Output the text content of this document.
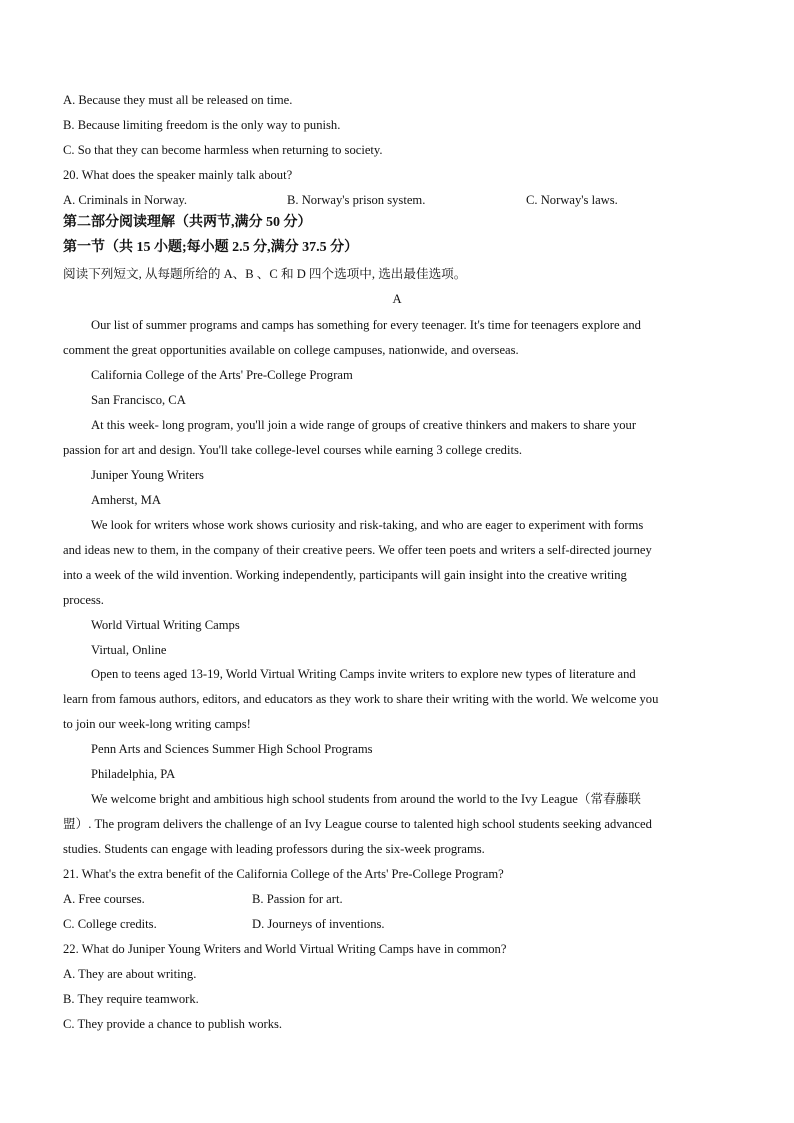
A. Because they must all be released on time.
B. Because limiting freedom is the only way to punish.
C. So that they can become harmless when returning to society.
20. What does the speaker mainly talk about?
A. Criminals in Norway.	B. Norway's prison system.	C. Norway's laws.
第二部分阅读理解（共两节,满分 50 分）
第一节（共 15 小题;每小题 2.5 分,满分 37.5 分）
阅读下列短文, 从每题所给的 A、B 、C 和 D 四个选项中, 选出最佳选项。
A
Our list of summer programs and camps has something for every teenager. It's time for teenagers explore and
comment the great opportunities available on college campuses, nationwide, and overseas.
California College of the Arts' Pre-College Program
San Francisco, CA
At this week- long program, you'll join a wide range of groups of creative thinkers and makers to share your
passion for art and design. You'll take college-level courses while earning 3 college credits.
Juniper Young Writers
Amherst, MA
We look for writers whose work shows curiosity and risk-taking, and who are eager to experiment with forms
and ideas new to them, in the company of their creative peers. We offer teen poets and writers a self-directed journey
into a week of the wild invention. Working independently, participants will gain insight into the creative writing
process.
World Virtual Writing Camps
Virtual, Online
Open to teens aged 13-19, World Virtual Writing Camps invite writers to explore new types of literature and
learn from famous authors, editors, and educators as they work to share their writing with the world. We welcome you
to join our week-long writing camps!
Penn Arts and Sciences Summer High School Programs
Philadelphia, PA
We welcome bright and ambitious high school students from around the world to the Ivy League（常春藤联
盟）. The program delivers the challenge of an Ivy League course to talented high school students seeking advanced
studies. Students can engage with leading professors during the six-week programs.
21. What's the extra benefit of the California College of the Arts' Pre-College Program?
A. Free courses.	B. Passion for art.
C. College credits.	D. Journeys of inventions.
22. What do Juniper Young Writers and World Virtual Writing Camps have in common?
A. They are about writing.
B. They require teamwork.
C. They provide a chance to publish works.
